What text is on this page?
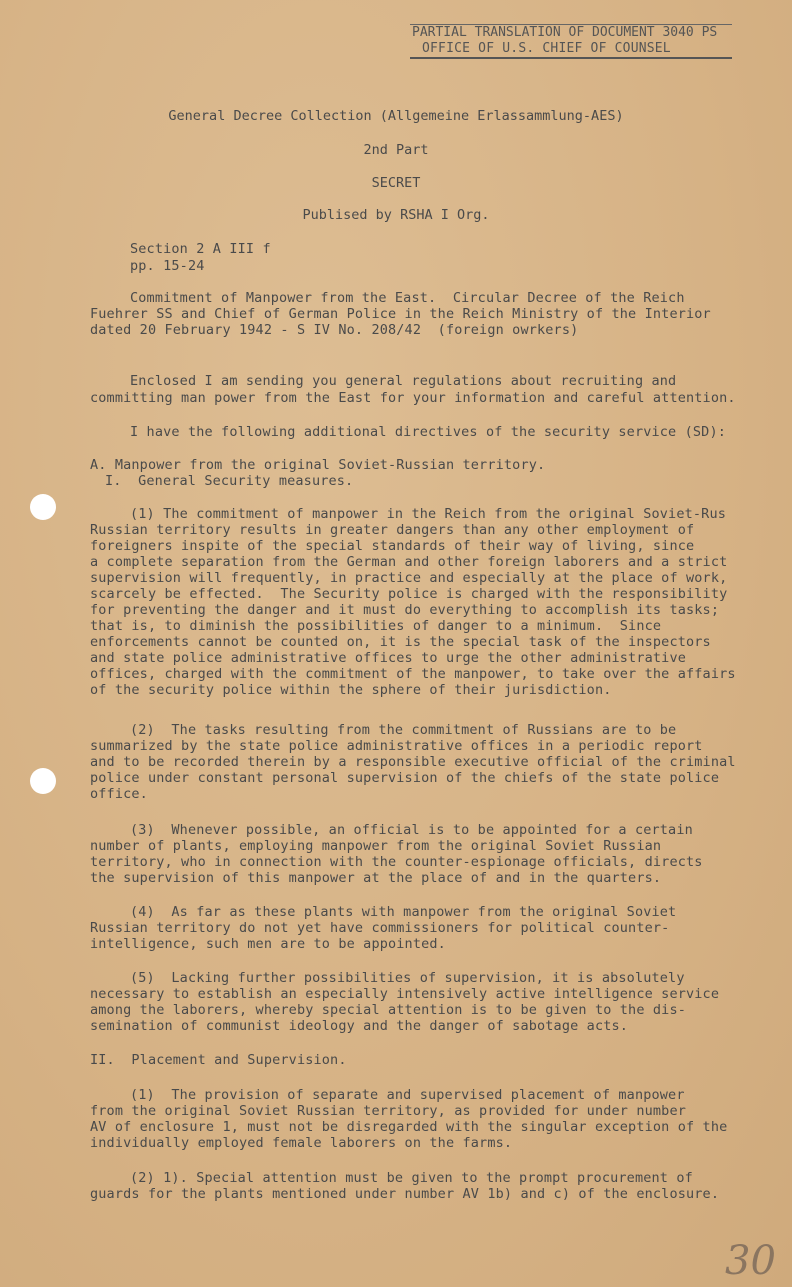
PARTIAL TRANSLATION OF DOCUMENT 3040 PS
OFFICE OF U.S. CHIEF OF COUNSEL
General Decree Collection (Allgemeine Erlassammlung-AES)
2nd Part
SECRET
Publised by RSHA I Org.
Section 2 A III f
pp. 15-24
Commitment of Manpower from the East.  Circular Decree of the Reich
Fuehrer SS and Chief of German Police in the Reich Ministry of the Interior
dated 20 February 1942 - S IV No. 208/42  (foreign owrkers)
Enclosed I am sending you general regulations about recruiting and
committing man power from the East for your information and careful attention.
I have the following additional directives of the security service (SD):
A. Manpower from the original Soviet-Russian territory.
I.  General Security measures.
(1) The commitment of manpower in the Reich from the original Soviet-Rus
Russian territory results in greater dangers than any other employment of
foreigners inspite of the special standards of their way of living, since
a complete separation from the German and other foreign laborers and a strict
supervision will frequently, in practice and especially at the place of work,
scarcely be effected.  The Security police is charged with the responsibility
for preventing the danger and it must do everything to accomplish its tasks;
that is, to diminish the possibilities of danger to a minimum.  Since
enforcements cannot be counted on, it is the special task of the inspectors
and state police administrative offices to urge the other administrative
offices, charged with the commitment of the manpower, to take over the affairs
of the security police within the sphere of their jurisdiction.
(2)  The tasks resulting from the commitment of Russians are to be
summarized by the state police administrative offices in a periodic report
and to be recorded therein by a responsible executive official of the criminal
police under constant personal supervision of the chiefs of the state police
office.
(3)  Whenever possible, an official is to be appointed for a certain
number of plants, employing manpower from the original Soviet Russian
territory, who in connection with the counter-espionage officials, directs
the supervision of this manpower at the place of and in the quarters.
(4)  As far as these plants with manpower from the original Soviet
Russian territory do not yet have commissioners for political counter-
intelligence, such men are to be appointed.
(5)  Lacking further possibilities of supervision, it is absolutely
necessary to establish an especially intensively active intelligence service
among the laborers, whereby special attention is to be given to the dis-
semination of communist ideology and the danger of sabotage acts.
II.  Placement and Supervision.
(1)  The provision of separate and supervised placement of manpower
from the original Soviet Russian territory, as provided for under number
AV of enclosure 1, must not be disregarded with the singular exception of the
individually employed female laborers on the farms.
(2) 1). Special attention must be given to the prompt procurement of
guards for the plants mentioned under number AV 1b) and c) of the enclosure.
30
